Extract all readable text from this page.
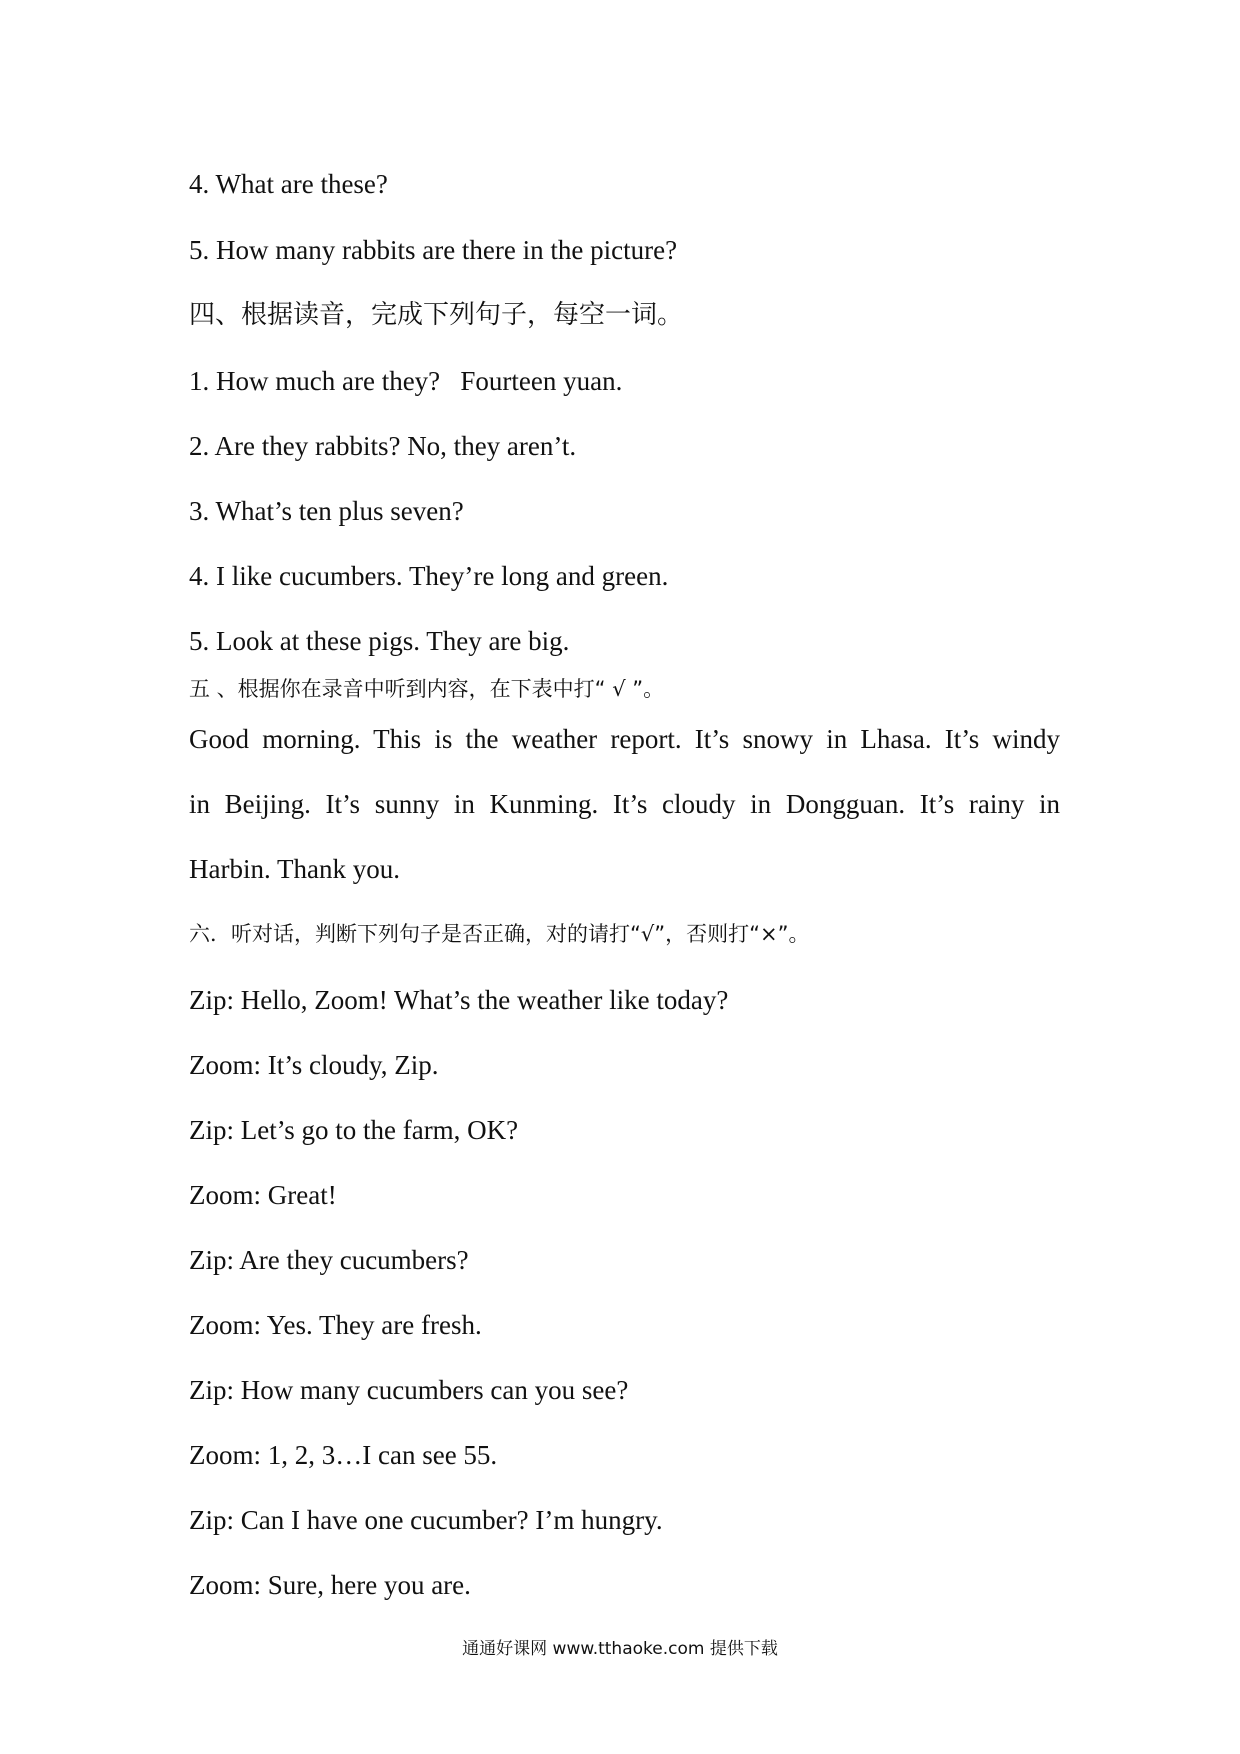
4. What are these?
5. How many rabbits are there in the picture?
四、根据读音，完成下列句子，每空一词。
1. How much are they?   Fourteen yuan.
2. Are they rabbits? No, they aren’t.
3. What’s ten plus seven?
4. I like cucumbers. They’re long and green.
5. Look at these pigs. They are big.
五 、根据你在录音中听到内容，在下表中打“ √ ”。
Good morning. This is the weather report. It’s snowy in Lhasa. It’s windy
in Beijing. It’s sunny in Kunming. It’s cloudy in Dongguan. It’s rainy in
Harbin. Thank you.
六．听对话，判断下列句子是否正确，对的请打“√”，否则打“×”。
Zip: Hello, Zoom! What’s the weather like today?
Zoom: It’s cloudy, Zip.
Zip: Let’s go to the farm, OK?
Zoom: Great!
Zip: Are they cucumbers?
Zoom: Yes. They are fresh.
Zip: How many cucumbers can you see?
Zoom: 1, 2, 3…I can see 55.
Zip: Can I have one cucumber? I’m hungry.
Zoom: Sure, here you are.
通通好课网 www.tthaoke.com 提供下载
